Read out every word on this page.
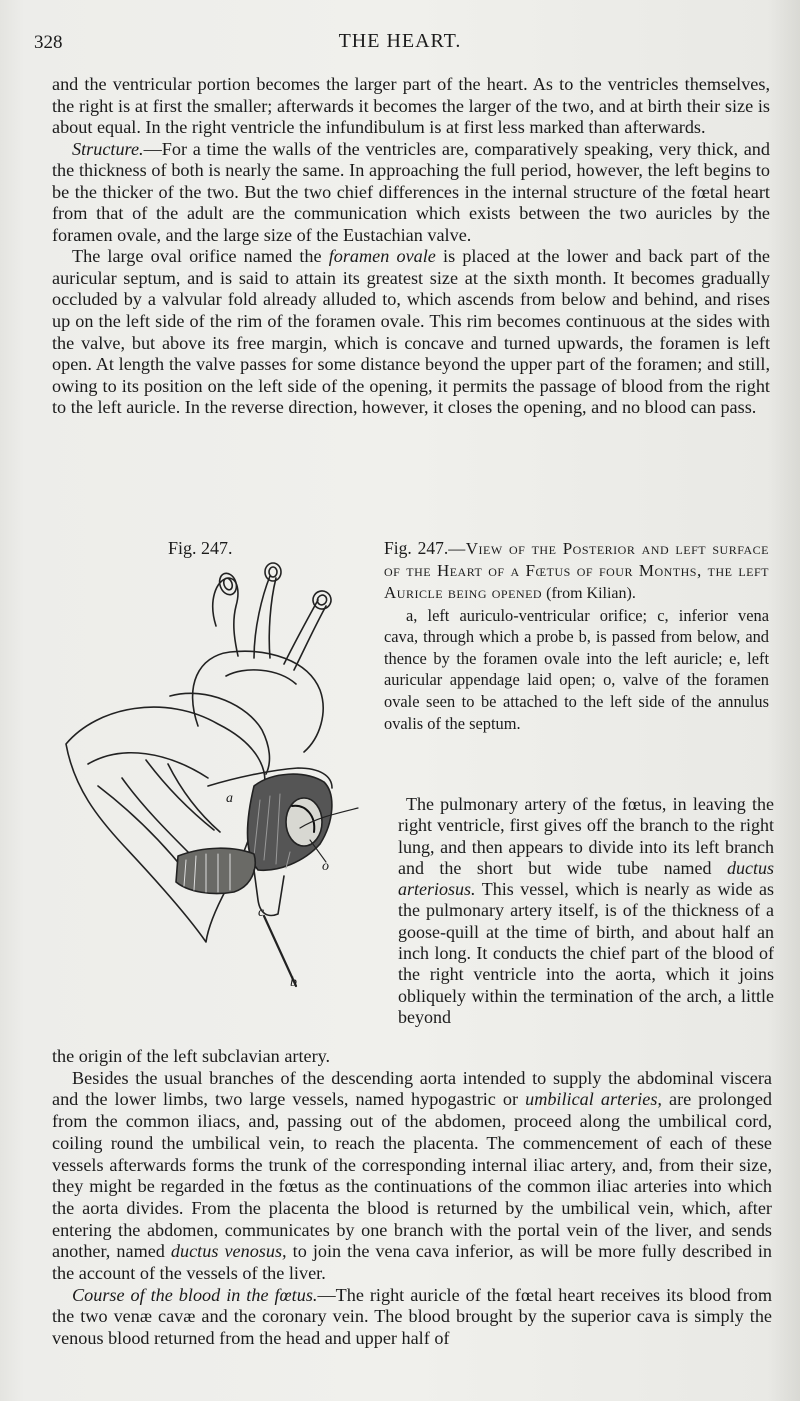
328	THE HEART.

and the ventricular portion becomes the larger part of the heart. As to the ventricles themselves, the right is at first the smaller; afterwards it becomes the larger of the two, and at birth their size is about equal. In the right ventricle the infundibulum is at first less marked than afterwards.

Structure.—For a time the walls of the ventricles are, comparatively speaking, very thick, and the thickness of both is nearly the same. In approaching the full period, however, the left begins to be the thicker of the two. But the two chief differences in the internal structure of the fœtal heart from that of the adult are the communication which exists between the two auricles by the foramen ovale, and the large size of the Eustachian valve.

The large oval orifice named the foramen ovale is placed at the lower and back part of the auricular septum, and is said to attain its greatest size at the sixth month. It becomes gradually occluded by a valvular fold already alluded to, which ascends from below and behind, and rises up on the left side of the rim of the foramen ovale. This rim becomes continuous at the sides with the valve, but above its free margin, which is concave and turned upwards, the foramen is left open. At length the valve passes for some distance beyond the upper part of the foramen; and still, owing to its position on the left side of the opening, it permits the passage of blood from the right to the left auricle. In the reverse direction, however, it closes the opening, and no blood can pass.

Fig. 247.
a
o
c
b

Fig. 247.—View of the Posterior and left surface of the Heart of a Fœtus of four Months, the left Auricle being opened (from Kilian).

a, left auriculo-ventricular orifice; c, inferior vena cava, through which a probe b, is passed from below, and thence by the foramen ovale into the left auricle; e, left auricular appendage laid open; o, valve of the foramen ovale seen to be attached to the left side of the annulus ovalis of the septum.

The pulmonary artery of the fœtus, in leaving the right ventricle, first gives off the branch to the right lung, and then appears to divide into its left branch and the short but wide tube named ductus arteriosus. This vessel, which is nearly as wide as the pulmonary artery itself, is of the thickness of a goose-quill at the time of birth, and about half an inch long. It conducts the chief part of the blood of the right ventricle into the aorta, which it joins obliquely within the termination of the arch, a little beyond

the origin of the left subclavian artery.

Besides the usual branches of the descending aorta intended to supply the abdominal viscera and the lower limbs, two large vessels, named hypogastric or umbilical arteries, are prolonged from the common iliacs, and, passing out of the abdomen, proceed along the umbilical cord, coiling round the umbilical vein, to reach the placenta. The commencement of each of these vessels afterwards forms the trunk of the corresponding internal iliac artery, and, from their size, they might be regarded in the fœtus as the continuations of the common iliac arteries into which the aorta divides. From the placenta the blood is returned by the umbilical vein, which, after entering the abdomen, communicates by one branch with the portal vein of the liver, and sends another, named ductus venosus, to join the vena cava inferior, as will be more fully described in the account of the vessels of the liver.

Course of the blood in the fœtus.—The right auricle of the fœtal heart receives its blood from the two venæ cavæ and the coronary vein. The blood brought by the superior cava is simply the venous blood returned from the head and upper half of
